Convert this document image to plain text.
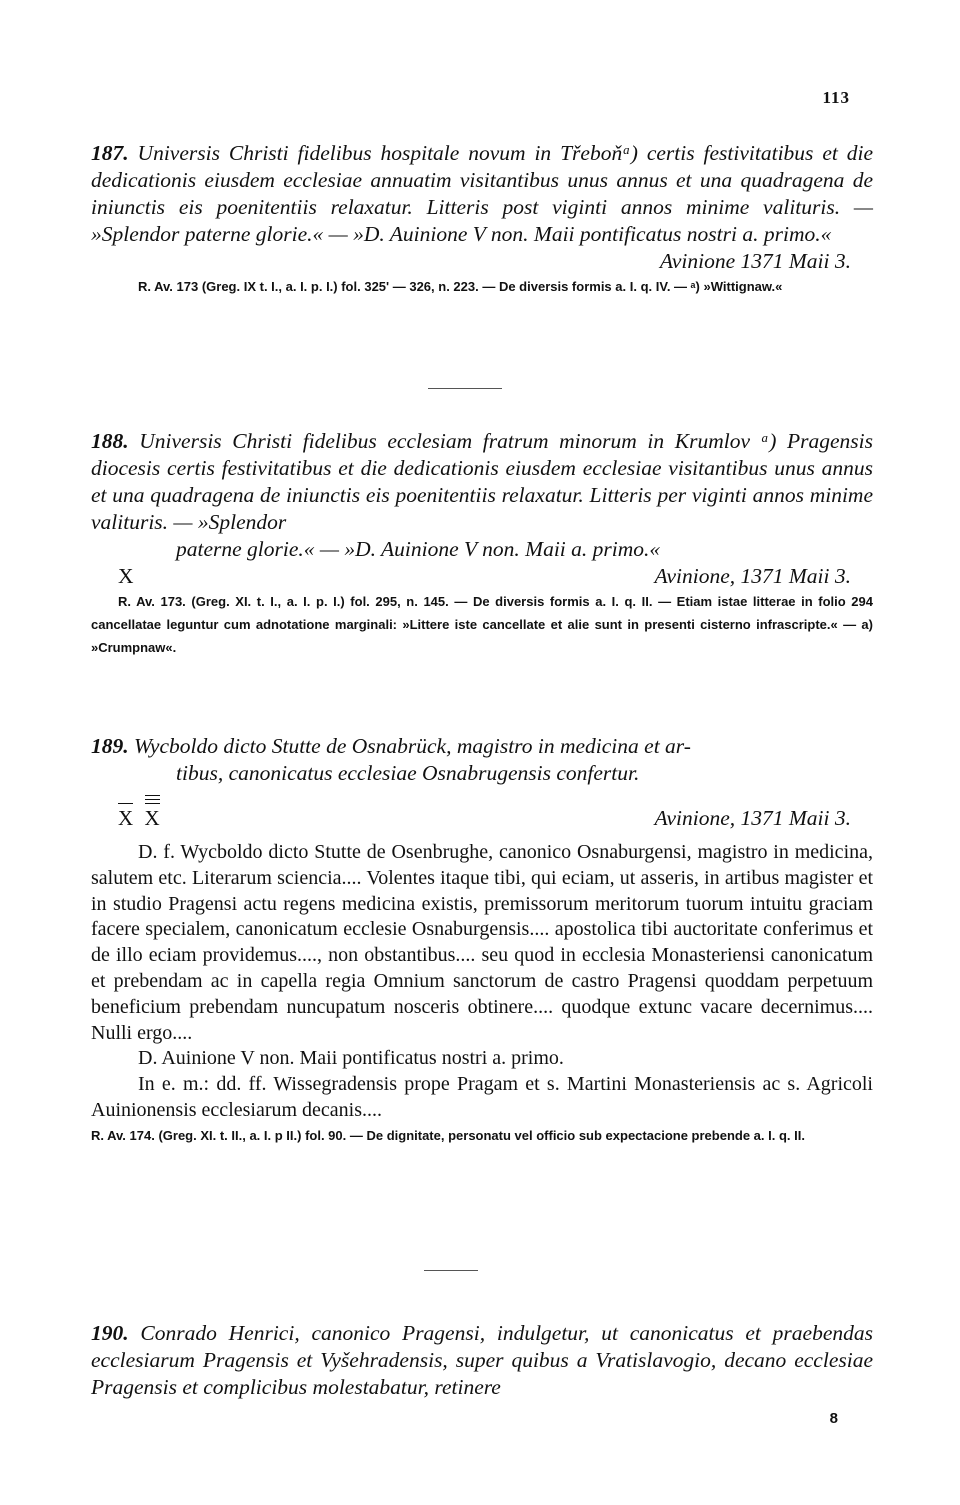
113
187. Universis Christi fidelibus hospitale novum in Třeboňᵃ) certis festivitatibus et die dedicationis eiusdem ecclesiae annuatim visitantibus unus annus et una quadragena de iniunctis eis poenitentiis relaxatur. Litteris post viginti annos minime valituris. — »Splendor paterne glorie.« — »D. Auinione V non. Maii pontificatus nostri a. primo.«
Avinione 1371 Maii 3.
R. Av. 173 (Greg. IX t. I., a. I. p. I.) fol. 325' — 326, n. 223. — De diversis formis a. I. q. IV. — ᵃ) »Wittignaw.«
188. Universis Christi fidelibus ecclesiam fratrum minorum in Krumlov ᵃ) Pragensis diocesis certis festivitatibus et die dedicationis eiusdem ecclesiae visitantibus unus annus et una quadragena de iniunctis eis poenitentiis relaxatur. Litteris per viginti annos minime valituris. — »Splendor
paterne glorie.« — »D. Auinione V non. Maii a. primo.«
X	Avinione, 1371 Maii 3.
R. Av. 173. (Greg. XI. t. I., a. I. p. I.) fol. 295, n. 145. — De diversis formis a. I. q. II. — Etiam istae litterae in folio 294 cancellatae leguntur cum adnotatione marginali: »Littere iste cancellate et alie sunt in presenti cisterno infrascripte.« — a) »Crumpnaw«.
189. Wycboldo dicto Stutte de Osnabrück, magistro in medicina et ar-
tibus, canonicatus ecclesiae Osnabrugensis confertur.
X X	Avinione, 1371 Maii 3.
D. f. Wycboldo dicto Stutte de Osenbrughe, canonico Osnaburgensi, magistro in medicina, salutem etc. Literarum sciencia.... Volentes itaque tibi, qui eciam, ut asseris, in artibus magister et in studio Pragensi actu regens medicina existis, premissorum meritorum tuorum intuitu graciam facere specialem, canonicatum ecclesie Osnaburgensis.... apostolica tibi auctoritate conferimus et de illo eciam providemus...., non obstantibus.... seu quod in ecclesia Monasteriensi canonicatum et prebendam ac in capella regia Omnium sanctorum de castro Pragensi quoddam perpetuum beneficium prebendam nuncupatum nosceris obtinere.... quodque extunc vacare decernimus.... Nulli ergo....
D. Auinione V non. Maii pontificatus nostri a. primo.
In e. m.: dd. ff. Wissegradensis prope Pragam et s. Martini Monasteriensis ac s. Agricoli Auinionensis ecclesiarum decanis....
R. Av. 174. (Greg. XI. t. II., a. I. p II.) fol. 90. — De dignitate, personatu vel officio sub expectacione prebende a. I. q. II.
190. Conrado Henrici, canonico Pragensi, indulgetur, ut canonicatus et praebendas ecclesiarum Pragensis et Vyšehradensis, super quibus a Vratislavogio, decano ecclesiae Pragensis et complicibus molestabatur, retinere
8
